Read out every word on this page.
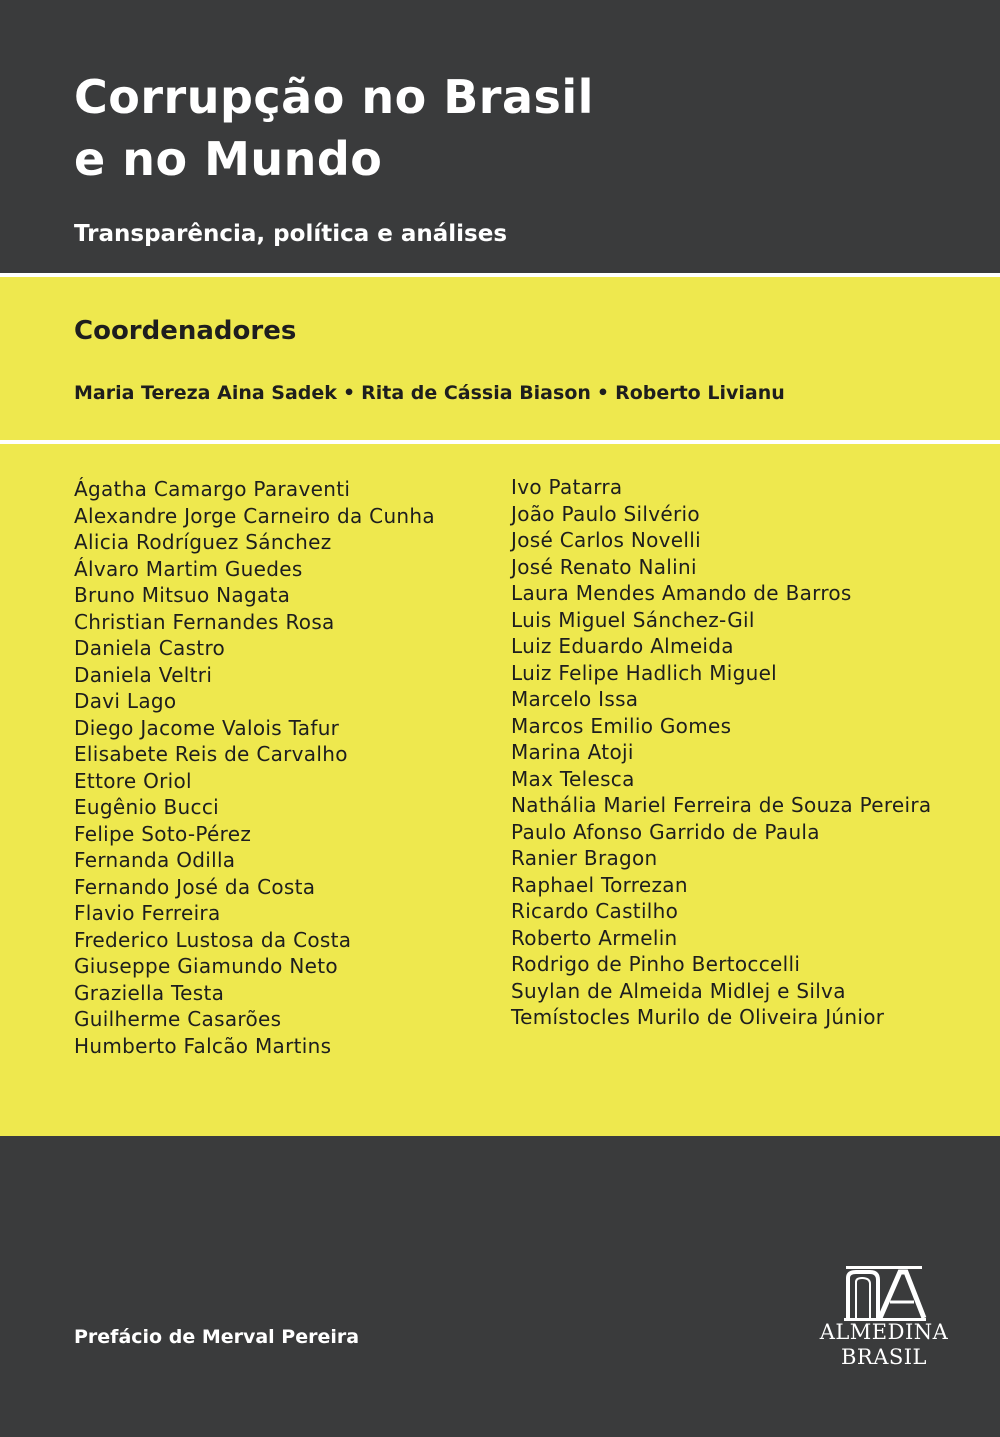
Corrupção no Brasil
e no Mundo
Transparência, política e análises
Coordenadores
Maria Tereza Aina Sadek • Rita de Cássia Biason • Roberto Livianu
Ágatha Camargo Paraventi
Alexandre Jorge Carneiro da Cunha
Alicia Rodríguez Sánchez
Álvaro Martim Guedes
Bruno Mitsuo Nagata
Christian Fernandes Rosa
Daniela Castro
Daniela Veltri
Davi Lago
Diego Jacome Valois Tafur
Elisabete Reis de Carvalho
Ettore Oriol
Eugênio Bucci
Felipe Soto-Pérez
Fernanda Odilla
Fernando José da Costa
Flavio Ferreira
Frederico Lustosa da Costa
Giuseppe Giamundo Neto
Graziella Testa
Guilherme Casarões
Humberto Falcão Martins
Ivo Patarra
João Paulo Silvério
José Carlos Novelli
José Renato Nalini
Laura Mendes Amando de Barros
Luis Miguel Sánchez-Gil
Luiz Eduardo Almeida
Luiz Felipe Hadlich Miguel
Marcelo Issa
Marcos Emilio Gomes
Marina Atoji
Max Telesca
Nathália Mariel Ferreira de Souza Pereira
Paulo Afonso Garrido de Paula
Ranier Bragon
Raphael Torrezan
Ricardo Castilho
Roberto Armelin
Rodrigo de Pinho Bertoccelli
Suylan de Almeida Midlej e Silva
Temístocles Murilo de Oliveira Júnior
Prefácio de Merval Pereira	ALMEDINA
BRASIL
